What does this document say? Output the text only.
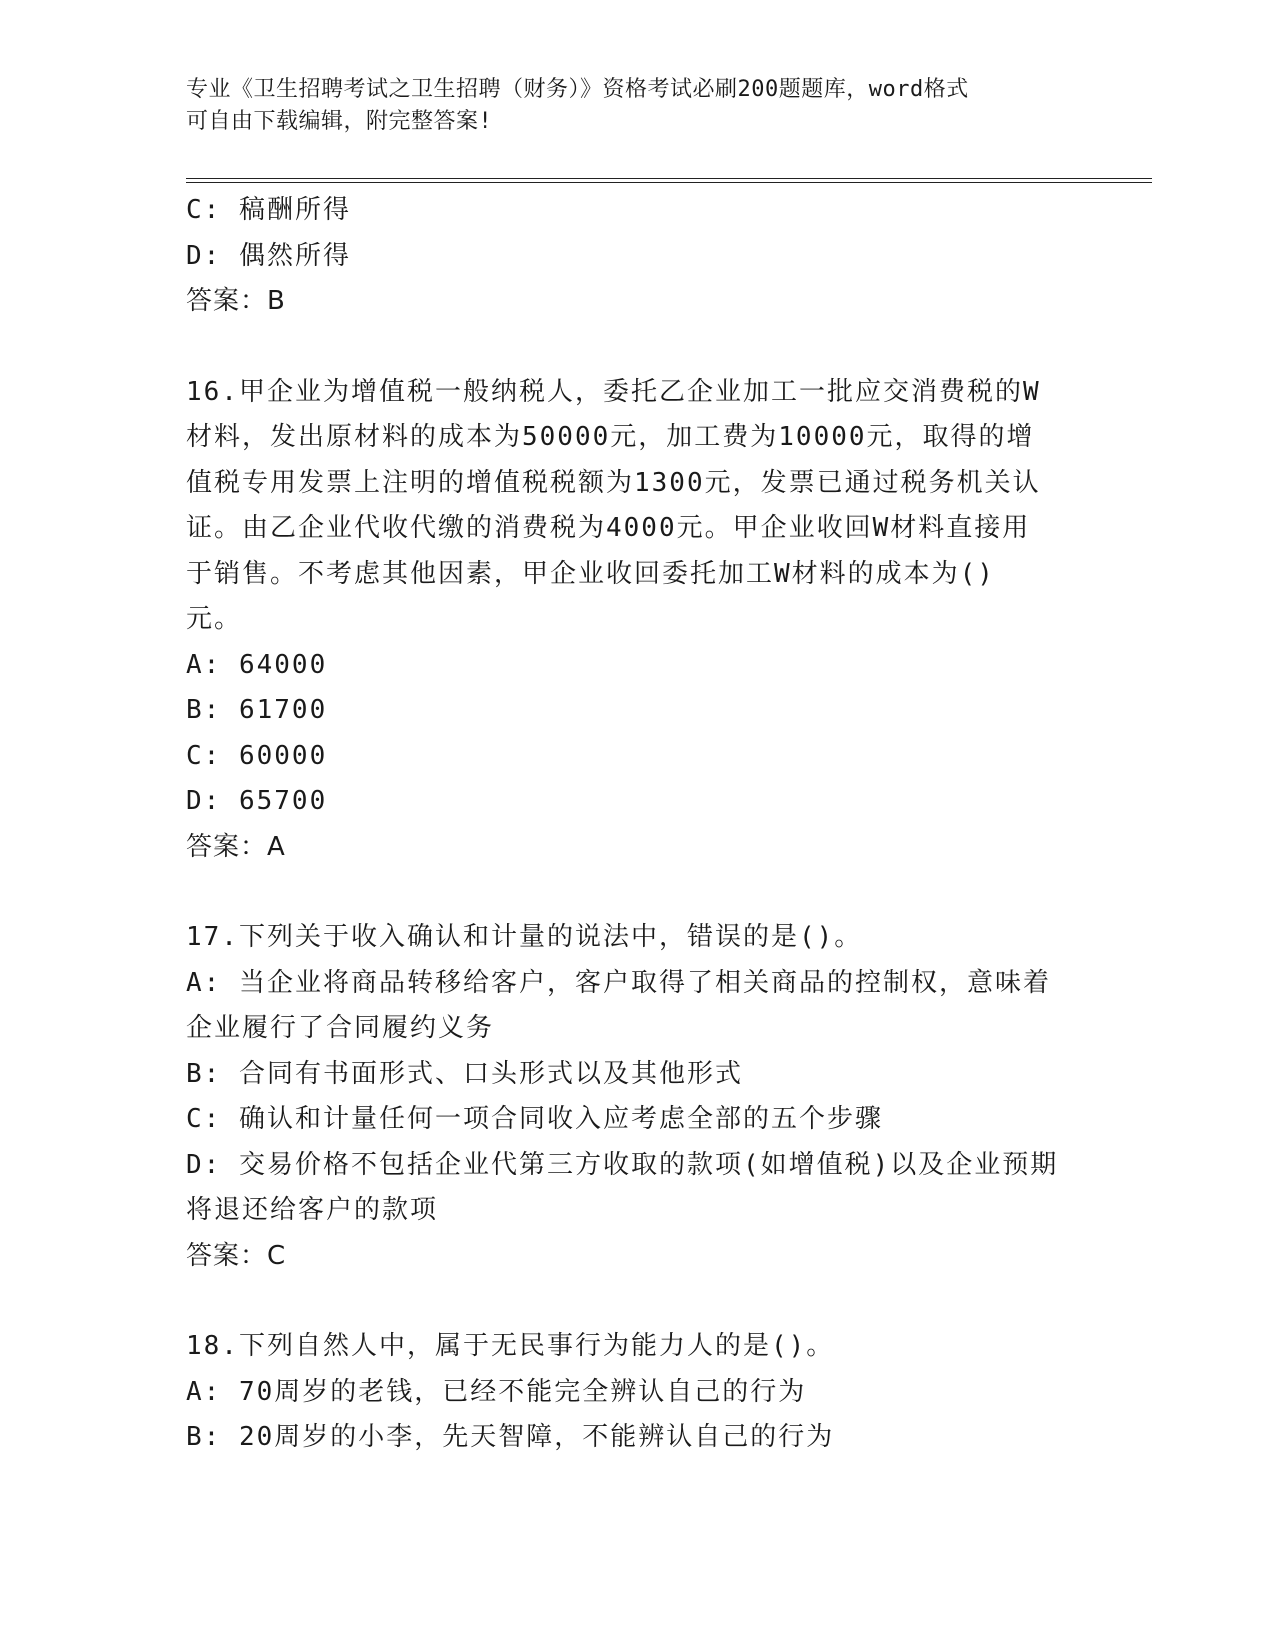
专业《卫生招聘考试之卫生招聘（财务）》资格考试必刷200题题库，word格式
可自由下载编辑，附完整答案!
C: 稿酬所得
D: 偶然所得
答案：B
16.甲企业为增值税一般纳税人，委托乙企业加工一批应交消费税的W
材料，发出原材料的成本为50000元，加工费为10000元，取得的增
值税专用发票上注明的增值税税额为1300元，发票已通过税务机关认
证。由乙企业代收代缴的消费税为4000元。甲企业收回W材料直接用
于销售。不考虑其他因素，甲企业收回委托加工W材料的成本为()
元。
A: 64000
B: 61700
C: 60000
D: 65700
答案：A
17.下列关于收入确认和计量的说法中，错误的是()。
A: 当企业将商品转移给客户，客户取得了相关商品的控制权，意味着
企业履行了合同履约义务
B: 合同有书面形式、口头形式以及其他形式
C: 确认和计量任何一项合同收入应考虑全部的五个步骤
D: 交易价格不包括企业代第三方收取的款项(如增值税)以及企业预期
将退还给客户的款项
答案：C
18.下列自然人中，属于无民事行为能力人的是()。
A: 70周岁的老钱，已经不能完全辨认自己的行为
B: 20周岁的小李，先天智障，不能辨认自己的行为
